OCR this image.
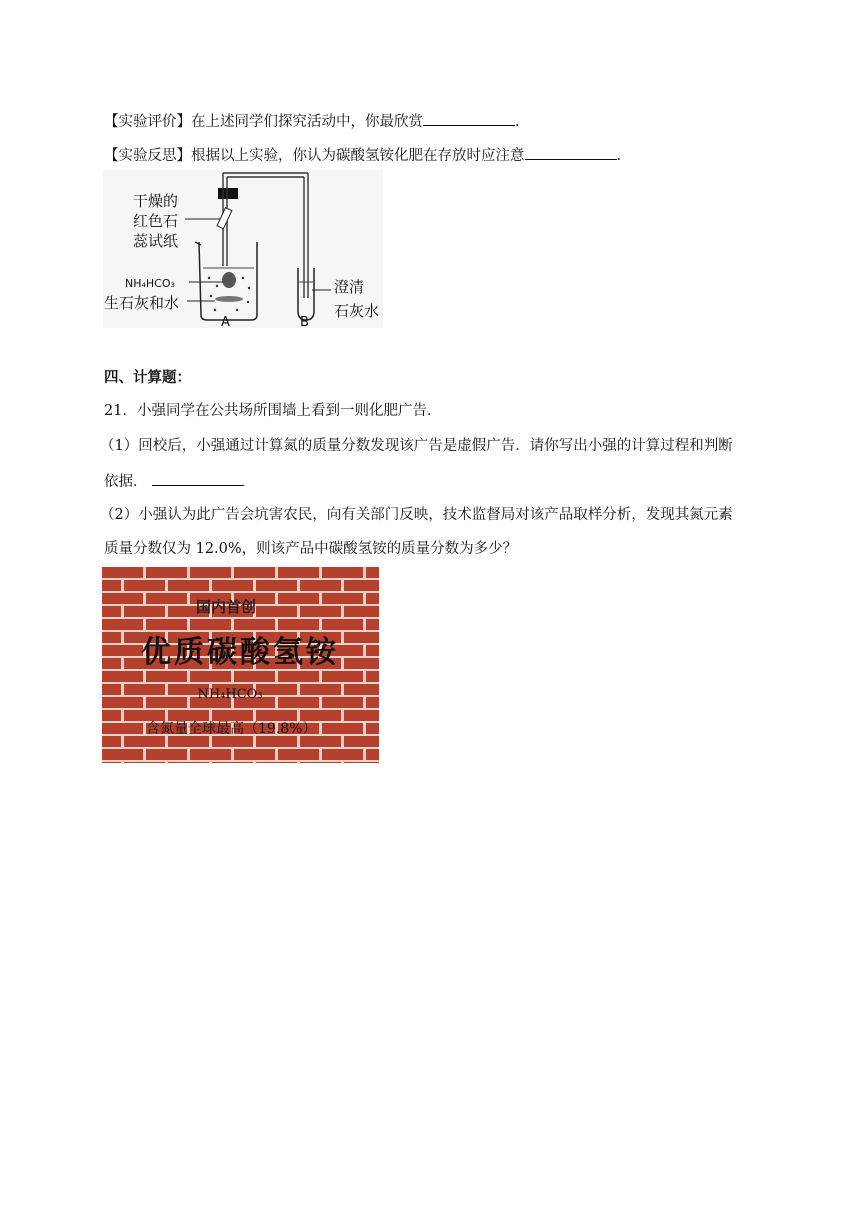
【实验评价】在上述同学们探究活动中，你最欣赏	.
【实验反思】根据以上实验，你认为碳酸氢铵化肥在存放时应注意	.
干燥的
红色石
蕊试纸
NH₄HCO₃
生石灰和水
A	B
澄清
石灰水
四、计算题：
21．小强同学在公共场所围墙上看到一则化肥广告．
（1）回校后，小强通过计算氮的质量分数发现该广告是虚假广告．请你写出小强的计算过程和判断
依据．
（2）小强认为此广告会坑害农民，向有关部门反映，技术监督局对该产品取样分析，发现其氮元素
质量分数仅为 12.0%，则该产品中碳酸氢铵的质量分数为多少？
国内首创
优质碳酸氢铵
NH₄HCO₃
含氮量全球最高（19.8%）
